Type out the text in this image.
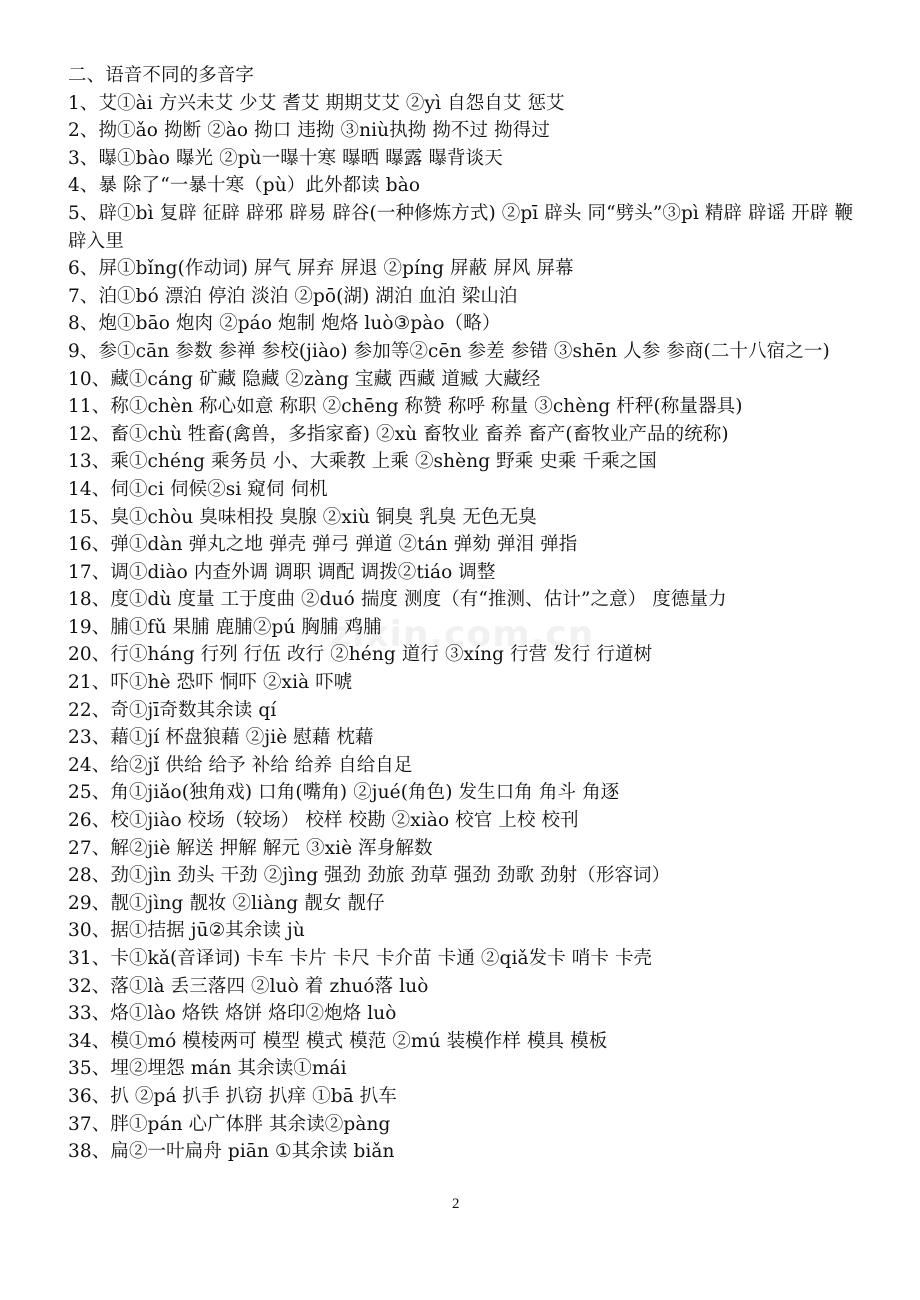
zixin.com.cn
二、语音不同的多音字
1、艾①ài 方兴未艾 少艾 耆艾 期期艾艾 ②yì 自怨自艾 惩艾
2、拗①ǎo 拗断 ②ào 拗口 违拗 ③niù执拗 拗不过 拗得过
3、曝①bào 曝光 ②pù一曝十寒 曝晒 曝露 曝背谈天
4、暴 除了“一暴十寒（pù）此外都读 bào
5、辟①bì 复辟 征辟 辟邪 辟易 辟谷(一种修炼方式) ②pī 辟头 同“劈头”③pì 精辟 辟谣 开辟 鞭辟入里
6、屏①bǐng(作动词) 屏气 屏弃 屏退 ②píng 屏蔽 屏风 屏幕
7、泊①bó 漂泊 停泊 淡泊 ②pō(湖) 湖泊 血泊 梁山泊
8、炮①bāo 炮肉 ②páo 炮制 炮烙 luò③pào（略）
9、参①cān 参数 参禅 参校(jiào) 参加等②cēn 参差 参错 ③shēn 人参 参商(二十八宿之一)
10、藏①cáng 矿藏 隐藏 ②zàng 宝藏 西藏 道臧 大藏经
11、称①chèn 称心如意 称职 ②chēng 称赞 称呼 称量 ③chèng 杆秤(称量器具)
12、畜①chù 牲畜(禽兽，多指家畜) ②xù 畜牧业 畜养 畜产(畜牧业产品的统称)
13、乘①chéng 乘务员 小、大乘教 上乘 ②shèng 野乘 史乘 千乘之国
14、伺①ci 伺候②si 窥伺 伺机
15、臭①chòu 臭味相投 臭腺 ②xiù 铜臭 乳臭 无色无臭
16、弹①dàn 弹丸之地 弹壳 弹弓 弹道 ②tán 弹劾 弹泪 弹指
17、调①diào 内查外调 调职 调配 调拨②tiáo 调整
18、度①dù 度量 工于度曲 ②duó 揣度 测度（有“推测、估计”之意） 度德量力
19、脯①fǔ 果脯 鹿脯②pú 胸脯 鸡脯
20、行①háng 行列 行伍 改行 ②héng 道行 ③xíng 行营 发行 行道树
21、吓①hè 恐吓 恫吓 ②xià 吓唬
22、奇①jī奇数其余读 qí
23、藉①jí 杯盘狼藉 ②jiè 慰藉 枕藉
24、给②jǐ 供给 给予 补给 给养 自给自足
25、角①jiǎo(独角戏) 口角(嘴角) ②jué(角色) 发生口角 角斗 角逐
26、校①jiào 校场（较场） 校样 校勘 ②xiào 校官 上校 校刊
27、解②jiè 解送 押解 解元 ③xiè 浑身解数
28、劲①jìn 劲头 干劲 ②jìng 强劲 劲旅 劲草 强劲 劲歌 劲射（形容词）
29、靓①jìng 靓妆 ②liàng 靓女 靓仔
30、据①拮据 jū②其余读 jù
31、卡①kǎ(音译词) 卡车 卡片 卡尺 卡介苗 卡通 ②qiǎ发卡 哨卡 卡壳
32、落①là 丢三落四 ②luò 着 zhuó落 luò
33、烙①lào 烙铁 烙饼 烙印②炮烙 luò
34、模①mó 模棱两可 模型 模式 模范 ②mú 装模作样 模具 模板
35、埋②埋怨 mán 其余读①mái
36、扒 ②pá 扒手 扒窃 扒痒 ①bā 扒车
37、胖①pán 心广体胖 其余读②pàng
38、扁②一叶扁舟 piān ①其余读 biǎn
2
